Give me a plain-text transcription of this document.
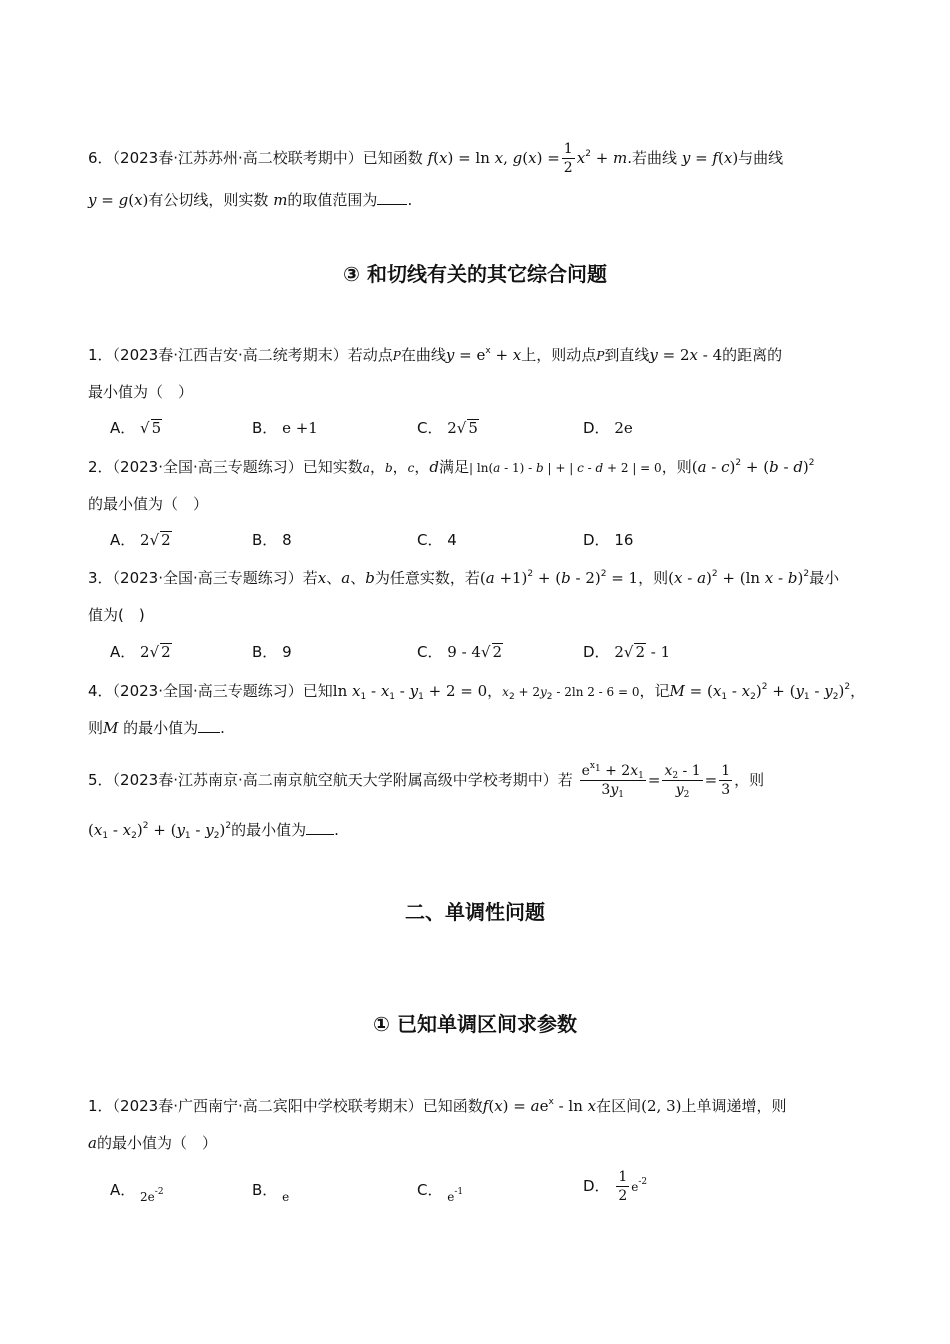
6．（2023春·江苏苏州·高二校联考期中）已知函数 f(x) = ln x, $g(x) = \frac{1}{2} x^2 + m$.若曲线 y = f(x)与曲线
y = g(x)有公切线，则实数 m的取值范围为 .
③ 和切线有关的其它综合问题
1．（2023春·江西吉安·高二统考期末）若动点P在曲线$y = e^x + x$上，则动点P到直线y = 2x - 4的距离的
最小值为（　）
A． √ 5	B． e +1	C． 2√ 5	D． 2e
2．（2023·全国·高三专题练习）已知实数a，b，c，d满足| ln(a - 1) - b | + | c - d + 2 | = 0，则(a - c)$^2$ + (b - d)$^2$
的最小值为（　）
A． 2√ 2	B． 8	C． 4	D． 16
3．（2023·全国·高三专题练习）若x、a、b为任意实数，若$(a +1)^2 + (b - 2)^2 = 1$，则(x - a)$^2$ + (ln x - b)$^2$最小
值为(　)
A． 2√ 2	B． 9	C． 9 - 4√ 2	D． 2√ 2 - 1
4．（2023·全国·高三专题练习）已知$\ln x_1 - x_1 - y_1 + 2 = 0$，$x_2 + 2y_2 - 2\ln$ 2 - 6 = 0，记$M = (x_1 - x_2)^2 + (y_1 - y_2)^2$，
则M 的最小值为 .
5．（2023春·江苏南京·高二南京航空航天大学附属高级中学校考期中）若 $\frac{e^{x_1} + 2x_1}{3y_1} = \frac{x_2 - 1}{y_2} = \frac{1}{3}$ ，则
$(x_1 - x_2)^2 + (y_1 - y_2)^2$的最小值为 .
二、单调性问题
① 已知单调区间求参数
1．（2023春·广西南宁·高二宾阳中学校联考期末）已知函数$f(x) = ae^x - \ln x$在区间(2, 3)上单调递增，则
a的最小值为（　）
A． $_{2e^{-2}}$	B． $_e$	C． $_{e^{-1}}$	D． $\frac{1}{2} e^{-2}$
